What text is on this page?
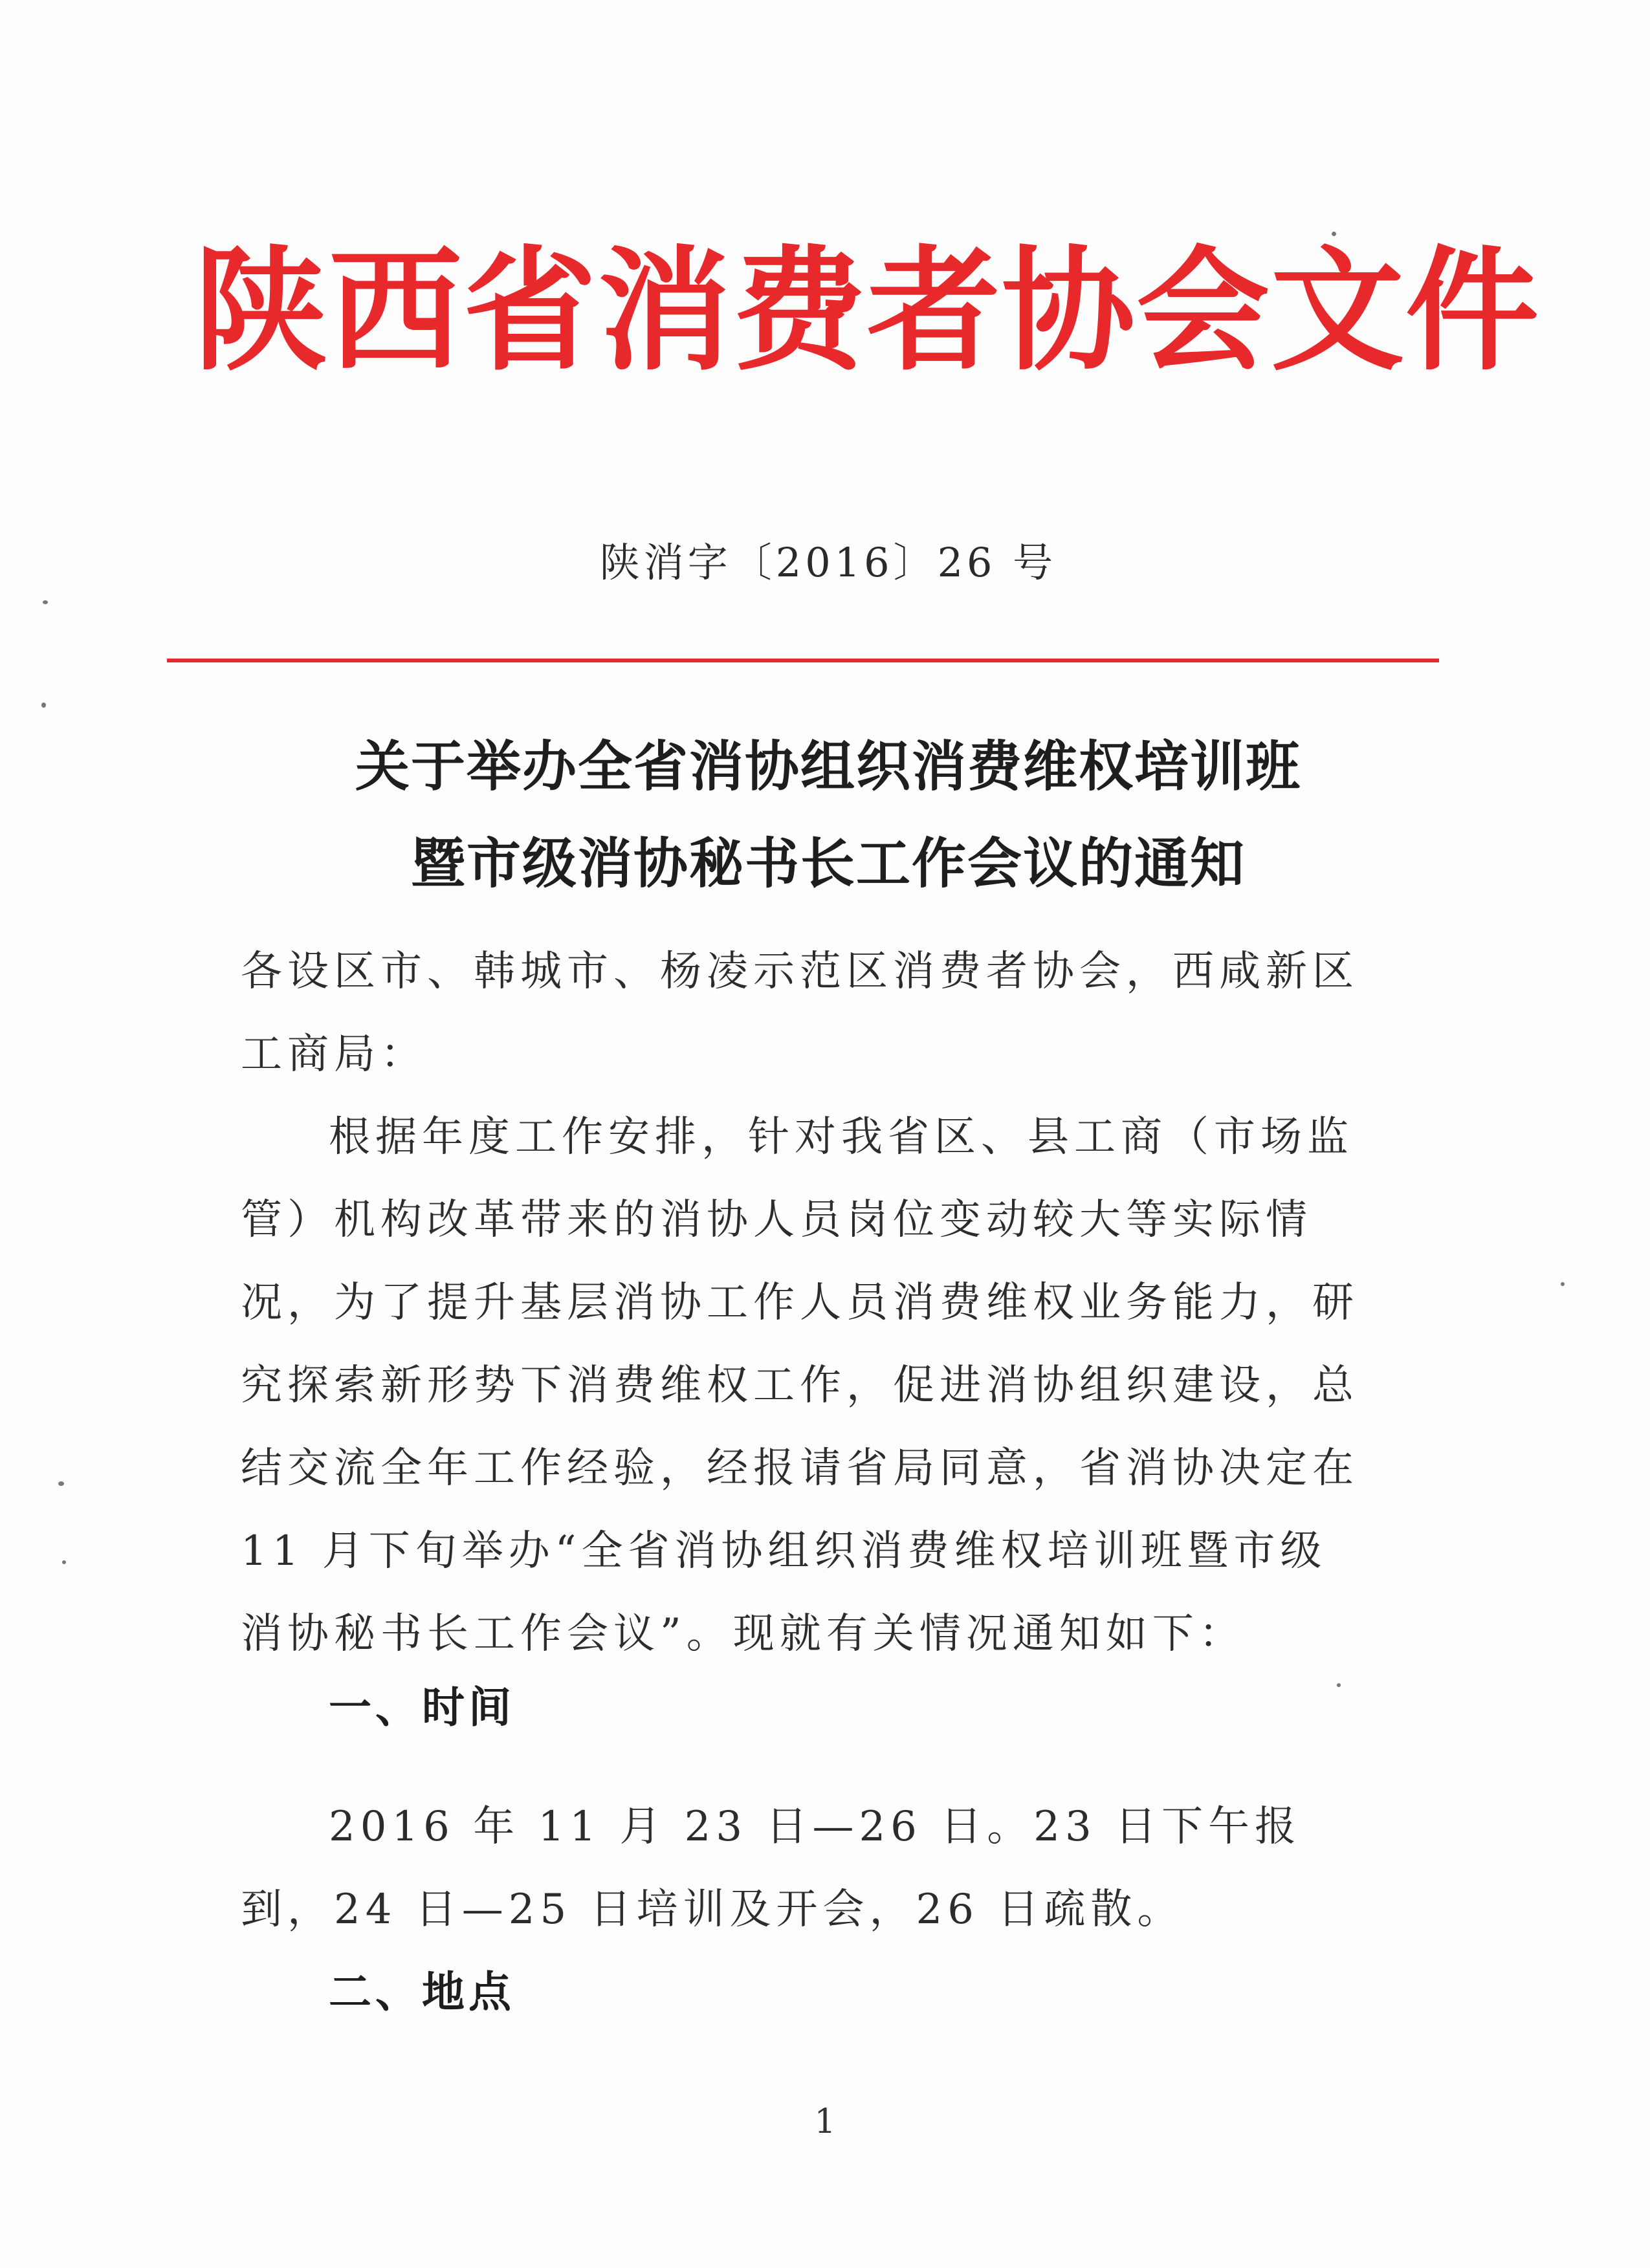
陕西省消费者协会文件
陕消字〔2016〕26 号
关于举办全省消协组织消费维权培训班
暨市级消协秘书长工作会议的通知

各设区市、韩城市、杨凌示范区消费者协会，西咸新区工商局：

根据年度工作安排，针对我省区、县工商（市场监管）机构改革带来的消协人员岗位变动较大等实际情况，为了提升基层消协工作人员消费维权业务能力，研究探索新形势下消费维权工作，促进消协组织建设，总结交流全年工作经验，经报请省局同意，省消协决定在 11 月下旬举办“全省消协组织消费维权培训班暨市级消协秘书长工作会议”。现就有关情况通知如下：

一、时间

2016 年 11 月 23 日—26 日。23 日下午报到，24 日—25 日培训及开会，26 日疏散。

二、地点
1
